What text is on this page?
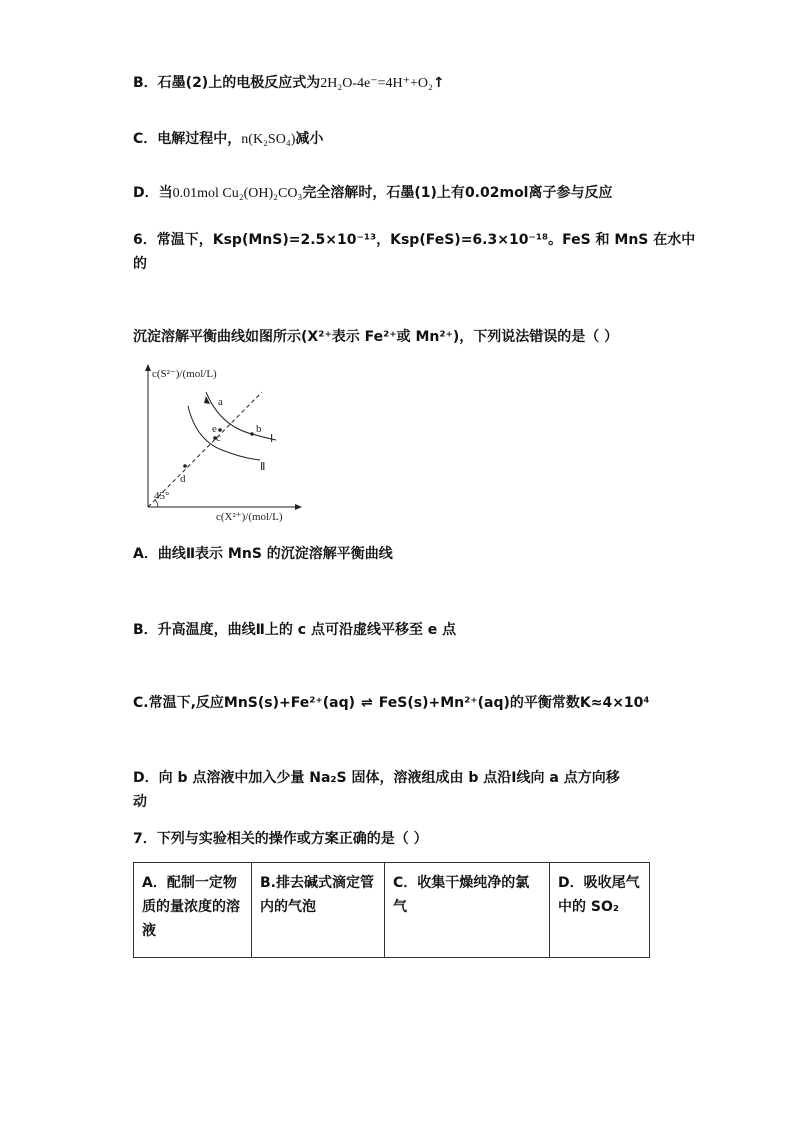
B．石墨(2)上的电极反应式为2H₂O-4e⁻=4H⁺+O₂↑
C．电解过程中，n(K₂SO₄)减小
D．当0.01mol Cu₂(OH)₂CO₃完全溶解时，石墨(1)上有0.02mol离子参与反应
6．常温下，Ksp(MnS)=2.5×10⁻¹³，Ksp(FeS)=6.3×10⁻¹⁸。FeS 和 MnS 在水中
的
沉淀溶解平衡曲线如图所示(X²⁺表示 Fe²⁺或 Mn²⁺)，下列说法错误的是（ ）
c(S²⁻)/(mol/L)
c(X²⁺)/(mol/L)
45°
Ⅰ
Ⅱ
e
c
b
a
d
A．曲线Ⅱ表示 MnS 的沉淀溶解平衡曲线
B．升高温度，曲线Ⅱ上的 c 点可沿虚线平移至 e 点
C.常温下,反应MnS(s)+Fe²⁺(aq) ⇌ FeS(s)+Mn²⁺(aq)的平衡常数K≈4×10⁴
D．向 b 点溶液中加入少量 Na₂S 固体，溶液组成由 b 点沿Ⅰ线向 a 点方向移
动
7．下列与实验相关的操作或方案正确的是（ ）
A．配制一定物质的量浓度的溶液	B.排去碱式滴定管内的气泡	C．收集干燥纯净的氯气	D．吸收尾气中的 SO₂
